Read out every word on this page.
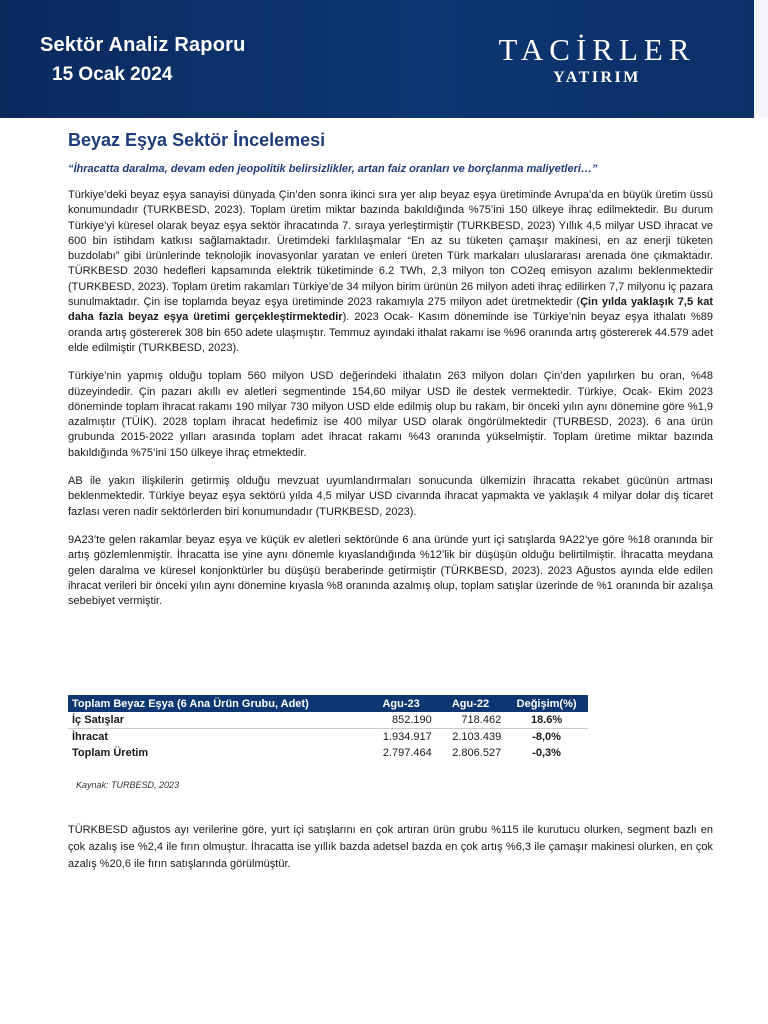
Sektör Analiz Raporu
15 Ocak 2024
TACİRLER
YATIRIM
Beyaz Eşya Sektör İncelemesi
“İhracatta daralma, devam eden jeopolitik belirsizlikler, artan faiz oranları ve borçlanma maliyetleri…”

Türkiye’deki beyaz eşya sanayisi dünyada Çin’den sonra ikinci sıra yer alıp beyaz eşya üretiminde Avrupa’da en büyük üretim üssü konumundadır (TURKBESD, 2023). Toplam üretim miktar bazında bakıldığında %75’ini 150 ülkeye ihraç edilmektedir. Bu durum Türkiye’yi küresel olarak beyaz eşya sektör ihracatında 7. sıraya yerleştirmiştir (TURKBESD, 2023) Yıllık 4,5 milyar USD ihracat ve 600 bin istihdam katkısı sağlamaktadır. Üretimdeki farklılaşmalar “En az su tüketen çamaşır makinesi, en az enerji tüketen buzdolabı” gibi ürünlerinde teknolojik inovasyonlar yaratan ve enleri üreten Türk markaları uluslararası arenada öne çıkmaktadır. TÜRKBESD 2030 hedefleri kapsamında elektrik tüketiminde 6.2 TWh, 2,3 milyon ton CO2eq emisyon azalımı beklenmektedir (TURKBESD, 2023). Toplam üretim rakamları Türkiye’de 34 milyon birim ürünün 26 milyon adeti ihraç edilirken 7,7 milyonu iç pazara sunulmaktadır. Çin ise toplamda beyaz eşya üretiminde 2023 rakamıyla 275 milyon adet üretmektedir (Çin yılda yaklaşık 7,5 kat daha fazla beyaz eşya üretimi gerçekleştirmektedir). 2023 Ocak- Kasım döneminde ise Türkiye’nin beyaz eşya ithalatı %89 oranda artış göstererek 308 bin 650 adete ulaşmıştır. Temmuz ayındaki ithalat rakamı ise %96 oranında artış göstererek 44.579 adet elde edilmiştir (TURKBESD, 2023).

Türkiye’nin yapmış olduğu toplam 560 milyon USD değerindeki ithalatın 263 milyon doları Çin’den yapılırken bu oran, %48 düzeyindedir. Çin pazarı akıllı ev aletleri segmentinde 154,60 milyar USD ile destek vermektedir. Türkiye, Ocak- Ekim 2023 döneminde toplam ihracat rakamı 190 milyar 730 milyon USD elde edilmiş olup bu rakam, bir önceki yılın aynı dönemine göre %1,9 azalmıştır (TÜİK). 2028 toplam ihracat hedefimiz ise 400 milyar USD olarak öngörülmektedir (TURBESD, 2023). 6 ana ürün grubunda 2015-2022 yılları arasında toplam adet ihracat rakamı %43 oranında yükselmiştir. Toplam üretime miktar bazında bakıldığında %75’ini 150 ülkeye ihraç etmektedir.

AB ile yakın ilişkilerin getirmiş olduğu mevzuat uyumlandırmaları sonucunda ülkemizin ihracatta rekabet gücünün artması beklenmektedir. Türkiye beyaz eşya sektörü yılda 4,5 milyar USD civarında ihracat yapmakta ve yaklaşık 4 milyar dolar dış ticaret fazlası veren nadir sektörlerden biri konumundadır (TURKBESD, 2023).

9A23’te gelen rakamlar beyaz eşya ve küçük ev aletleri sektöründe 6 ana üründe yurt içi satışlarda 9A22’ye göre %18 oranında bir artış gözlemlenmiştir. İhracatta ise yine aynı dönemle kıyaslandığında %12’lik bir düşüşün olduğu belirtilmiştir. İhracatta meydana gelen daralma ve küresel konjonktürler bu düşüşü beraberinde getirmiştir (TÜRKBESD, 2023). 2023 Ağustos ayında elde edilen ihracat verileri bir önceki yılın aynı dönemine kıyasla %8 oranında azalmış olup, toplam satışlar üzerinde de %1 oranında bir azalışa sebebiyet vermiştir.

Toplam Beyaz Eşya (6 Ana Ürün Grubu, Adet)	Agu-23	Agu-22	Değişim(%)
İç Satışlar	852.190	718.462	18.6%
İhracat	1.934.917	2.103.439	-8,0%
Toplam Üretim	2.797.464	2.806.527	-0,3%
Kaynak: TURBESD, 2023
TÜRKBESD ağustos ayı verilerine göre, yurt içi satışlarını en çok artıran ürün grubu %115 ile kurutucu olurken, segment bazlı en çok azalış ise %2,4 ile fırın olmuştur. İhracatta ise yıllık bazda adetsel bazda en çok artış %6,3 ile çamaşır makinesi olurken, en çok azalış %20,6 ile fırın satışlarında görülmüştür.
